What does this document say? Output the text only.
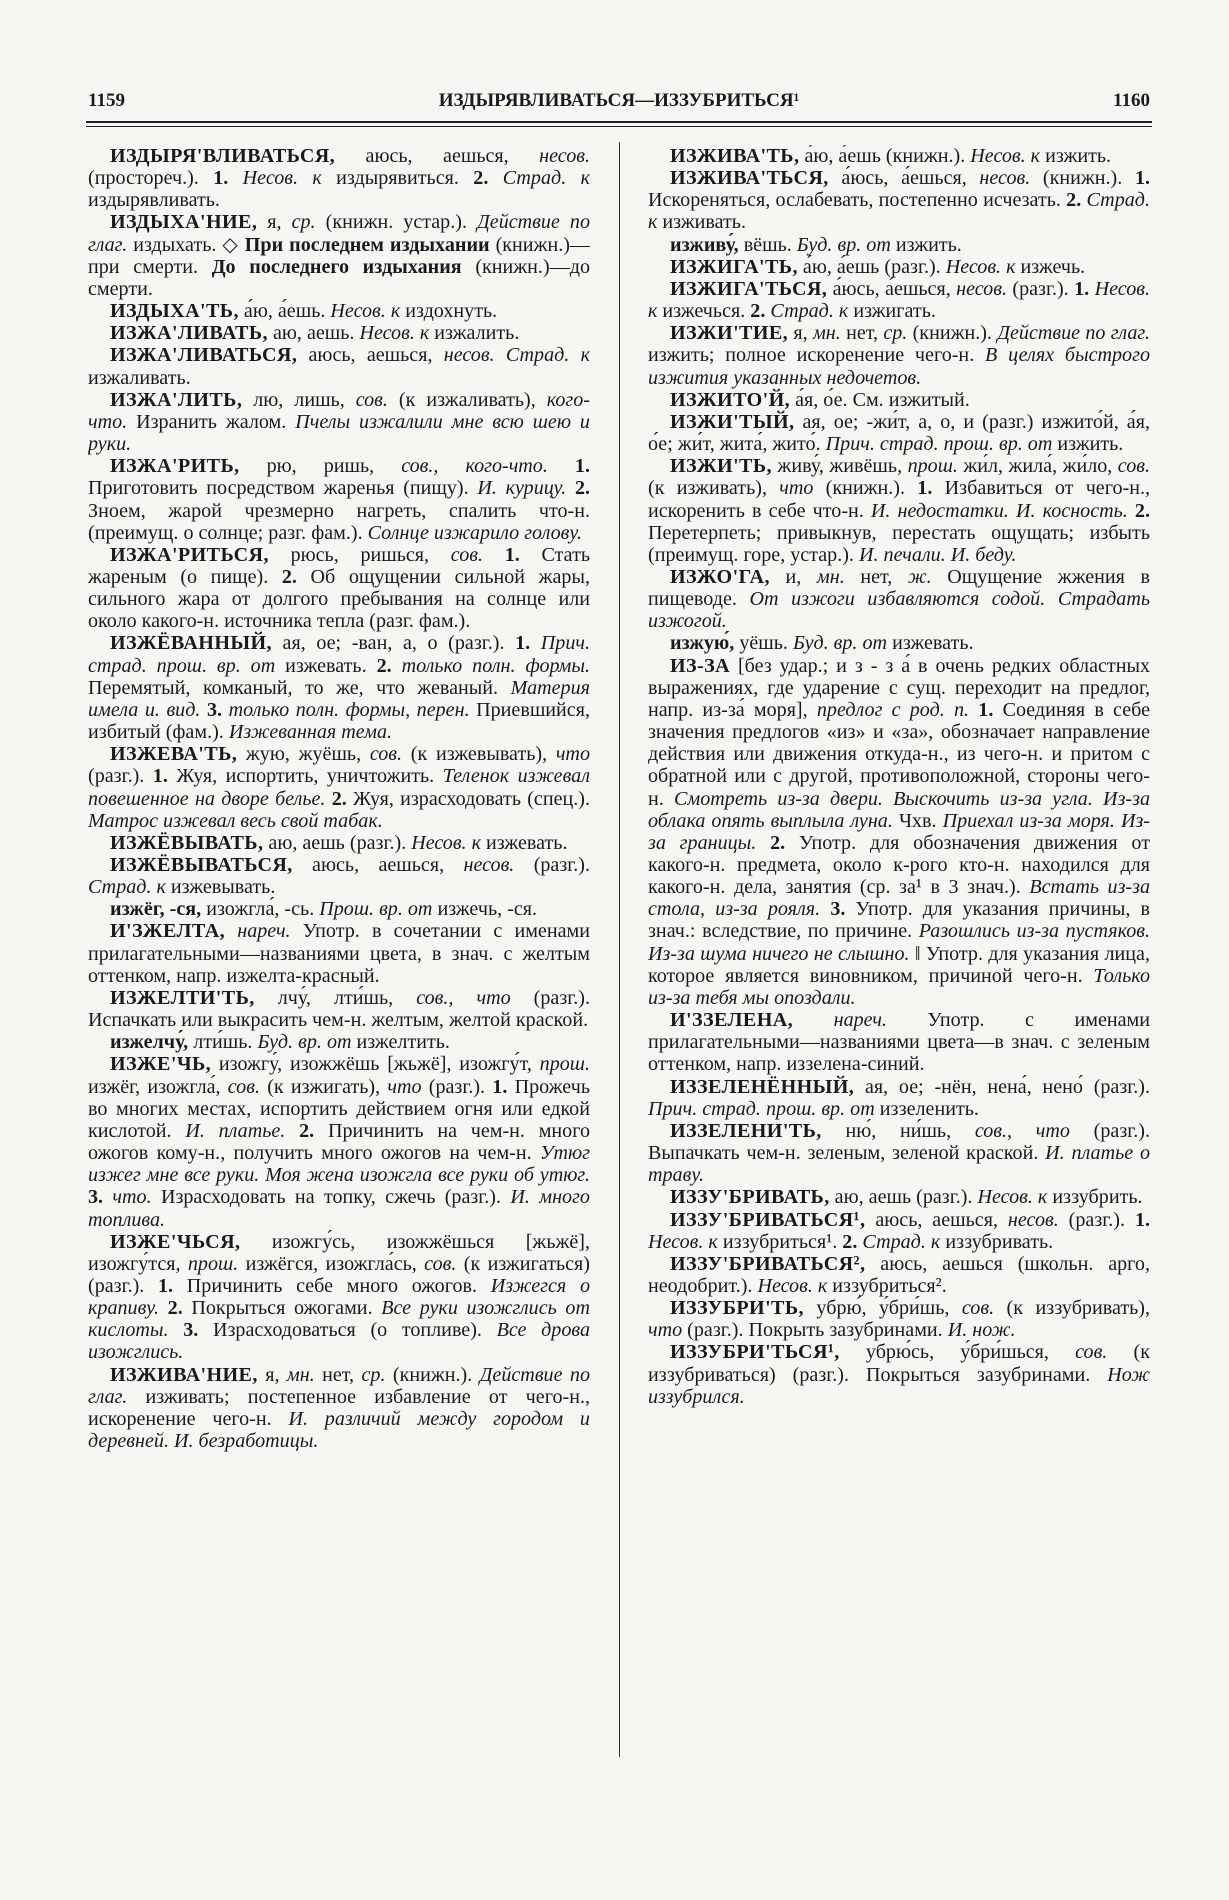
1159	ИЗДЫРЯВЛИВАТЬСЯ—ИЗЗУБРИТЬСЯ¹	1160

ИЗДЫРЯ'ВЛИВАТЬСЯ, аюсь, аешься, несов. (простореч.). 1. Несов. к издырявиться. 2. Страд. к издырявливать.

ИЗДЫХА'НИЕ, я, ср. (книжн. устар.). Действие по глаг. издыхать. ◇ При последнем издыхании (книжн.)—при смерти. До последнего издыхания (книжн.)—до смерти.

ИЗДЫХА'ТЬ, а́ю, а́ешь. Несов. к издохнуть.

ИЗЖА'ЛИВАТЬ, аю, аешь. Несов. к изжалить.

ИЗЖА'ЛИВАТЬСЯ, аюсь, аешься, несов. Страд. к изжаливать.

ИЗЖА'ЛИТЬ, лю, лишь, сов. (к изжаливать), кого-что. Изранить жалом. Пчелы изжалили мне всю шею и руки.

ИЗЖА'РИТЬ, рю, ришь, сов., кого-что. 1. Приготовить посредством жаренья (пищу). И. курицу. 2. Зноем, жарой чрезмерно нагреть, спалить что-н. (преимущ. о солнце; разг. фам.). Солнце изжарило голову.

ИЗЖА'РИТЬСЯ, рюсь, ришься, сов. 1. Стать жареным (о пище). 2. Об ощущении сильной жары, сильного жара от долгого пребывания на солнце или около какого-н. источника тепла (разг. фам.).

ИЗЖЁВАННЫЙ, ая, ое; -ван, а, о (разг.). 1. Прич. страд. прош. вр. от изжевать. 2. только полн. формы. Перемятый, комканый, то же, что жеваный. Материя имела и. вид. 3. только полн. формы, перен. Приевшийся, избитый (фам.). Изжеванная тема.

ИЗЖЕВА'ТЬ, жую, жуёшь, сов. (к изжевывать), что (разг.). 1. Жуя, испортить, уничтожить. Теленок изжевал повешенное на дворе белье. 2. Жуя, израсходовать (спец.). Матрос изжевал весь свой табак.

ИЗЖЁВЫВАТЬ, аю, аешь (разг.). Несов. к изжевать.

ИЗЖЁВЫВАТЬСЯ, аюсь, аешься, несов. (разг.). Страд. к изжевывать.

изжёг, -ся, изожгла́, -сь. Прош. вр. от изжечь, -ся.

И'ЗЖЕЛТА, нареч. Употр. в сочетании с именами прилагательными—названиями цвета, в знач. с желтым оттенком, напр. изжелта-красный.

ИЗЖЕЛТИ'ТЬ, лчу́, лти́шь, сов., что (разг.). Испачкать или выкрасить чем-н. желтым, желтой краской.

изжелчу́, лти́шь. Буд. вр. от изжелтить.

ИЗЖЕ'ЧЬ, изожгу́, изожжёшь [жьжё], изожгу́т, прош. изжёг, изожгла́, сов. (к изжигать), что (разг.). 1. Прожечь во многих местах, испортить действием огня или едкой кислотой. И. платье. 2. Причинить на чем-н. много ожогов кому-н., получить много ожогов на чем-н. Утюг изжег мне все руки. Моя жена изожгла все руки об утюг. 3. что. Израсходовать на топку, сжечь (разг.). И. много топлива.

ИЗЖЕ'ЧЬСЯ, изожгу́сь, изожжёшься [жьжё], изожгу́тся, прош. изжёгся, изожгла́сь, сов. (к изжигаться) (разг.). 1. Причинить себе много ожогов. Изжегся о крапиву. 2. Покрыться ожогами. Все руки изожглись от кислоты. 3. Израсходоваться (о топливе). Все дрова изожглись.

ИЗЖИВА'НИЕ, я, мн. нет, ср. (книжн.). Действие по глаг. изживать; постепенное избавление от чего-н., искоренение чего-н. И. различий между городом и деревней. И. безработицы.

ИЗЖИВА'ТЬ, а́ю, а́ешь (книжн.). Несов. к изжить.

ИЗЖИВА'ТЬСЯ, а́юсь, а́ешься, несов. (книжн.). 1. Искореняться, ослабевать, постепенно исчезать. 2. Страд. к изживать.

изживу́, вёшь. Буд. вр. от изжить.

ИЗЖИГА'ТЬ, а́ю, а́ешь (разг.). Несов. к изжечь.

ИЗЖИГА'ТЬСЯ, а́юсь, а́ешься, несов. (разг.). 1. Несов. к изжечься. 2. Страд. к изжигать.

ИЗЖИ'ТИЕ, я, мн. нет, ср. (книжн.). Действие по глаг. изжить; полное искоренение чего-н. В целях быстрого изжития указанных недочетов.

ИЗЖИТО'Й, а́я, о́е. См. изжитый.

ИЗЖИ'ТЫЙ, ая, ое; -жи́т, а, о, и (разг.) изжито́й, а́я, о́е; жи́т, жита́, жито́. Прич. страд. прош. вр. от изжить.

ИЗЖИ'ТЬ, живу́, живёшь, прош. жи́л, жила́, жи́ло, сов. (к изживать), что (книжн.). 1. Избавиться от чего-н., искоренить в себе что-н. И. недостатки. И. косность. 2. Перетерпеть; привыкнув, перестать ощущать; избыть (преимущ. горе, устар.). И. печали. И. беду.

ИЗЖО'ГА, и, мн. нет, ж. Ощущение жжения в пищеводе. От изжоги избавляются содой. Страдать изжогой.

изжую́, уёшь. Буд. вр. от изжевать.

ИЗ-ЗА [без удар.; и з - з а́ в очень редких областных выражениях, где ударение с сущ. переходит на предлог, напр. из-за́ моря], предлог с род. п. 1. Соединяя в себе значения предлогов «из» и «за», обозначает направление действия или движения откуда-н., из чего-н. и притом с обратной или с другой, противоположной, стороны чего-н. Смотреть из-за двери. Выскочить из-за угла. Из-за облака опять выплыла луна. Чхв. Приехал из-за моря. Из-за границы. 2. Употр. для обозначения движения от какого-н. предмета, около к-рого кто-н. находился для какого-н. дела, занятия (ср. за¹ в 3 знач.). Встать из-за стола, из-за рояля. 3. Употр. для указания причины, в знач.: вследствие, по причине. Разошлись из-за пустяков. Из-за шума ничего не слышно. ‖ Употр. для указания лица, которое является виновником, причиной чего-н. Только из-за тебя мы опоздали.

И'ЗЗЕЛЕНА, нареч. Употр. с именами прилагательными—названиями цвета—в знач. с зеленым оттенком, напр. иззелена-синий.

ИЗЗЕЛЕНЁННЫЙ, ая, ое; -нён, нена́, нено́ (разг.). Прич. страд. прош. вр. от иззеленить.

ИЗЗЕЛЕНИ'ТЬ, ню́, ни́шь, сов., что (разг.). Выпачкать чем-н. зеленым, зеленой краской. И. платье о траву.

ИЗЗУ'БРИВАТЬ, аю, аешь (разг.). Несов. к иззубрить.

ИЗЗУ'БРИВАТЬСЯ¹, аюсь, аешься, несов. (разг.). 1. Несов. к иззубриться¹. 2. Страд. к иззубривать.

ИЗЗУ'БРИВАТЬСЯ², аюсь, аешься (школьн. арго, неодобрит.). Несов. к иззубриться².

ИЗЗУБРИ'ТЬ, убрю́, у́бри́шь, сов. (к иззубривать), что (разг.). Покрыть зазубринами. И. нож.

ИЗЗУБРИ'ТЬСЯ¹, убрю́сь, у́бри́шься, сов. (к иззубриваться) (разг.). Покрыться зазубринами. Нож иззубрился.
